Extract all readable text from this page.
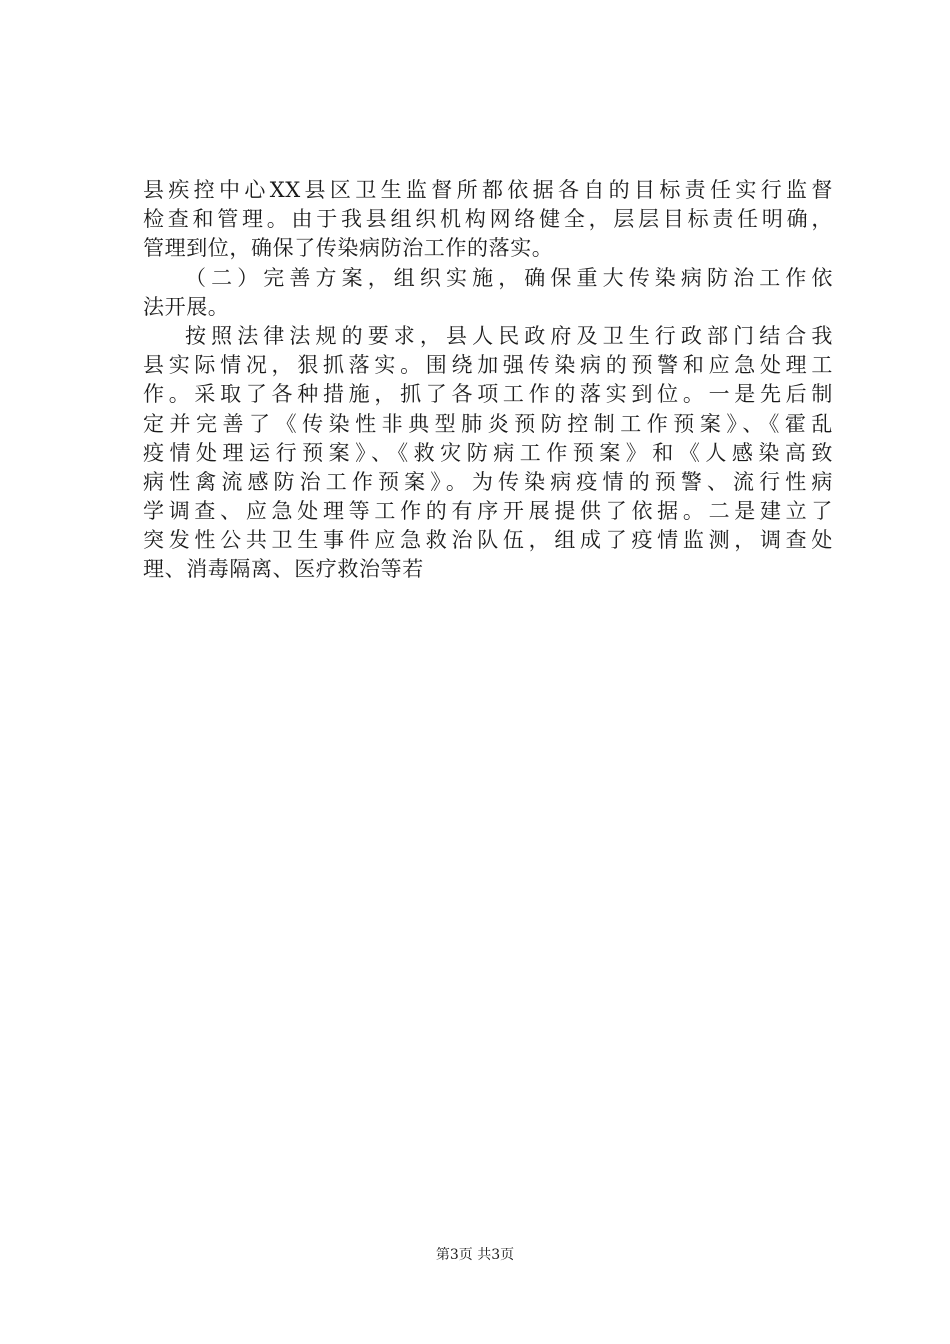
县疾控中心XX县区卫生监督所都依据各自的目标责任实行监督
检查和管理。由于我县组织机构网络健全，层层目标责任明确，
管理到位，确保了传染病防治工作的落实。
（二）完善方案，组织实施，确保重大传染病防治工作依
法开展。
按照法律法规的要求，县人民政府及卫生行政部门结合我
县实际情况，狠抓落实。围绕加强传染病的预警和应急处理工
作。采取了各种措施，抓了各项工作的落实到位。一是先后制
定并完善了《传染性非典型肺炎预防控制工作预案》、《霍乱
疫情处理运行预案》、《救灾防病工作预案》和《人感染高致
病性禽流感防治工作预案》。为传染病疫情的预警、流行性病
学调查、应急处理等工作的有序开展提供了依据。二是建立了
突发性公共卫生事件应急救治队伍，组成了疫情监测，调查处
理、消毒隔离、医疗救治等若
第3页 共3页
